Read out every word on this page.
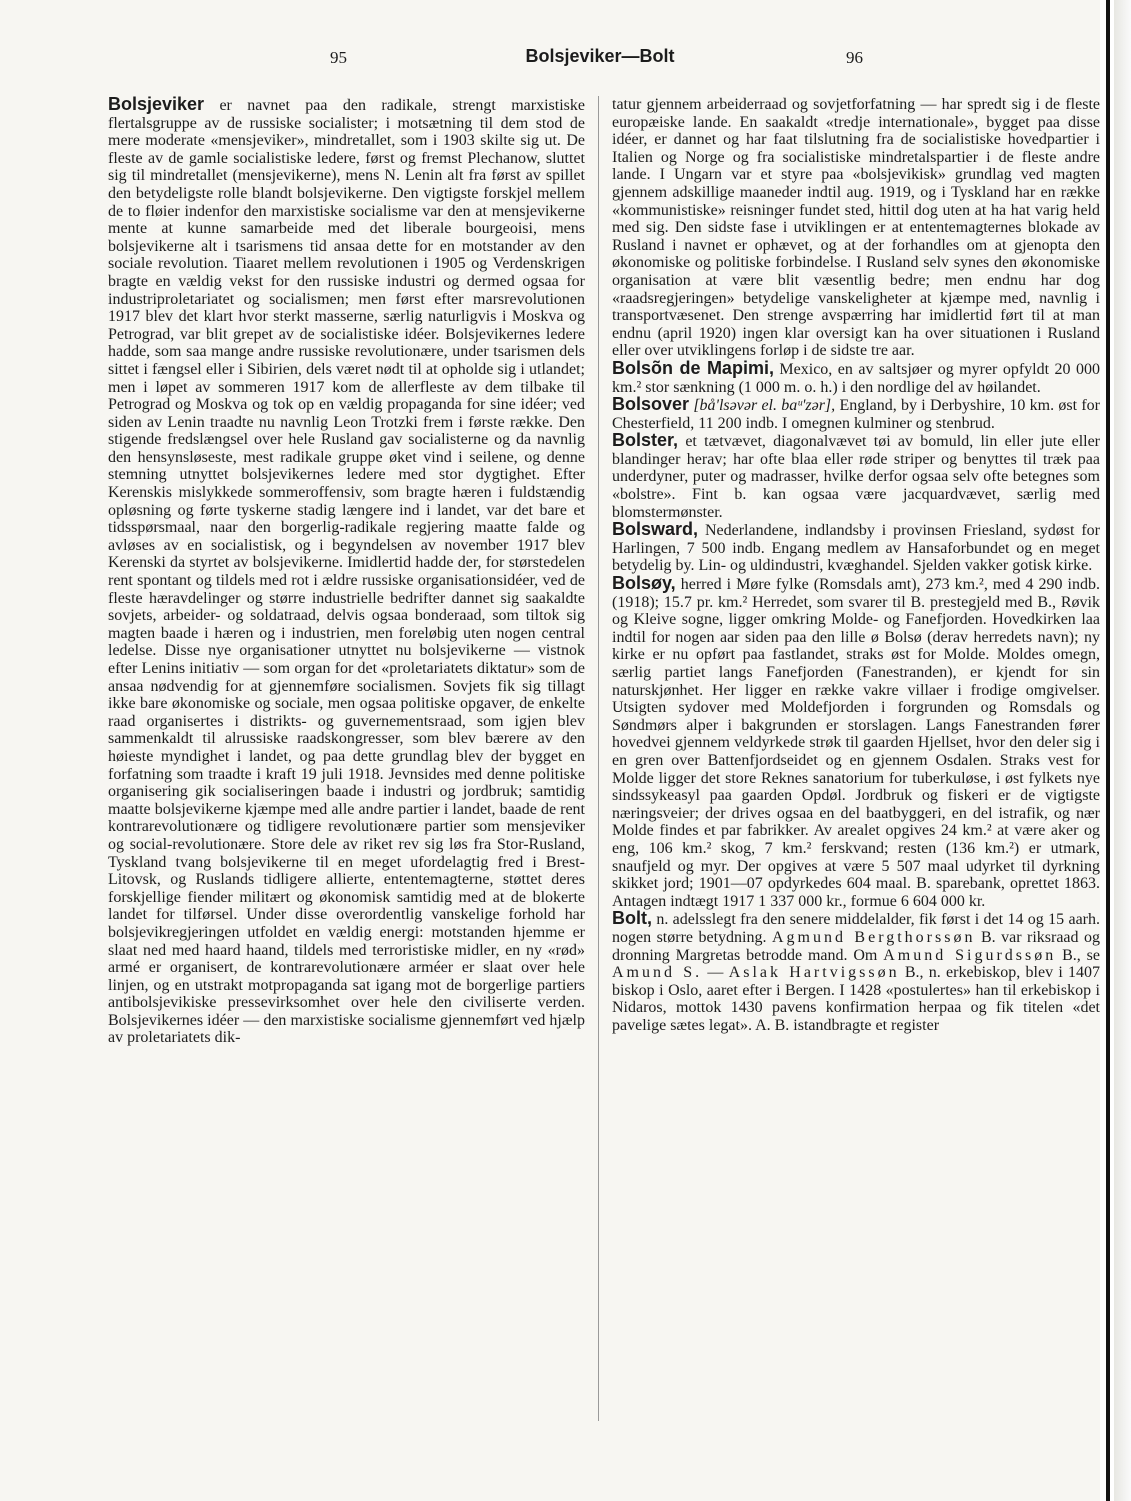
95	Bolsjeviker—Bolt	96

Bolsjeviker er navnet paa den radikale, strengt marxistiske flertalsgruppe av de russiske socialister; i motsætning til dem stod de mere moderate «mensjeviker», mindretallet, som i 1903 skilte sig ut. De fleste av de gamle socialistiske ledere, først og fremst Plechanow, sluttet sig til mindretallet (mensjevikerne), mens N. Lenin alt fra først av spillet den betydeligste rolle blandt bolsjevikerne. Den vigtigste forskjel mellem de to fløier indenfor den marxistiske socialisme var den at mensjevikerne mente at kunne samarbeide med det liberale bourgeoisi, mens bolsjevikerne alt i tsarismens tid ansaa dette for en motstander av den sociale revolution. Tiaaret mellem revolutionen i 1905 og Verdenskrigen bragte en vældig vekst for den russiske industri og dermed ogsaa for industriproletariatet og socialismen; men først efter marsrevolutionen 1917 blev det klart hvor sterkt masserne, særlig naturligvis i Moskva og Petrograd, var blit grepet av de socialistiske idéer. Bolsjevikernes ledere hadde, som saa mange andre russiske revolutionære, under tsarismen dels sittet i fængsel eller i Sibirien, dels været nødt til at opholde sig i utlandet; men i løpet av sommeren 1917 kom de allerfleste av dem tilbake til Petrograd og Moskva og tok op en vældig propaganda for sine idéer; ved siden av Lenin traadte nu navnlig Leon Trotzki frem i første række. Den stigende fredslængsel over hele Rusland gav socialisterne og da navnlig den hensynsløseste, mest radikale gruppe øket vind i seilene, og denne stemning utnyttet bolsjevikernes ledere med stor dygtighet. Efter Kerenskis mislykkede sommeroffensiv, som bragte hæren i fuldstændig opløsning og førte tyskerne stadig længere ind i landet, var det bare et tidsspørsmaal, naar den borgerlig-radikale regjering maatte falde og avløses av en socialistisk, og i begyndelsen av november 1917 blev Kerenski da styrtet av bolsjevikerne. Imidlertid hadde der, for størstedelen rent spontant og tildels med rot i ældre russiske organisationsidéer, ved de fleste hæravdelinger og større industrielle bedrifter dannet sig saakaldte sovjets, arbeider- og soldatraad, delvis ogsaa bonderaad, som tiltok sig magten baade i hæren og i industrien, men foreløbig uten nogen central ledelse. Disse nye organisationer utnyttet nu bolsjevikerne — vistnok efter Lenins initiativ — som organ for det «proletariatets diktatur» som de ansaa nødvendig for at gjennemføre socialismen. Sovjets fik sig tillagt ikke bare økonomiske og sociale, men ogsaa politiske opgaver, de enkelte raad organisertes i distrikts- og guvernementsraad, som igjen blev sammenkaldt til alrussiske raadskongresser, som blev bærere av den høieste myndighet i landet, og paa dette grundlag blev der bygget en forfatning som traadte i kraft 19 juli 1918. Jevnsides med denne politiske organisering gik socialiseringen baade i industri og jordbruk; samtidig maatte bolsjevikerne kjæmpe med alle andre partier i landet, baade de rent kontrarevolutionære og tidligere revolutionære partier som mensjeviker og social-revolutionære. Store dele av riket rev sig løs fra Stor-Rusland, Tyskland tvang bolsjevikerne til en meget ufordelagtig fred i Brest-Litovsk, og Ruslands tidligere allierte, ententemagterne, støttet deres forskjellige fiender militært og økonomisk samtidig med at de blokerte landet for tilførsel. Under disse overordentlig vanskelige forhold har bolsjevikregjeringen utfoldet en vældig energi: motstanden hjemme er slaat ned med haard haand, tildels med terroristiske midler, en ny «rød» armé er organisert, de kontrarevolutionære arméer er slaat over hele linjen, og en utstrakt motpropaganda sat igang mot de borgerlige partiers antibolsjevikiske pressevirksomhet over hele den civiliserte verden. Bolsjevikernes idéer — den marxistiske socialisme gjennemført ved hjælp av proletariatets dik-

tatur gjennem arbeiderraad og sovjetforfatning — har spredt sig i de fleste europæiske lande. En saakaldt «tredje internationale», bygget paa disse idéer, er dannet og har faat tilslutning fra de socialistiske hovedpartier i Italien og Norge og fra socialistiske mindretalspartier i de fleste andre lande. I Ungarn var et styre paa «bolsjevikisk» grundlag ved magten gjennem adskillige maaneder indtil aug. 1919, og i Tyskland har en række «kommunistiske» reisninger fundet sted, hittil dog uten at ha hat varig held med sig. Den sidste fase i utviklingen er at ententemagternes blokade av Rusland i navnet er ophævet, og at der forhandles om at gjenopta den økonomiske og politiske forbindelse. I Rusland selv synes den økonomiske organisation at være blit væsentlig bedre; men endnu har dog «raadsregjeringen» betydelige vanskeligheter at kjæmpe med, navnlig i transportvæsenet. Den strenge avspærring har imidlertid ført til at man endnu (april 1920) ingen klar oversigt kan ha over situationen i Rusland eller over utviklingens forløp i de sidste tre aar.

Bolsõn de Mapimi, Mexico, en av saltsjøer og myrer opfyldt 20 000 km.² stor sænkning (1 000 m. o. h.) i den nordlige del av høilandet.

Bolsover [bå'lsəvər el. baᵘ'zər], England, by i Derbyshire, 10 km. øst for Chesterfield, 11 200 indb. I omegnen kulminer og stenbrud.

Bolster, et tætvævet, diagonalvævet tøi av bomuld, lin eller jute eller blandinger herav; har ofte blaa eller røde striper og benyttes til træk paa underdyner, puter og madrasser, hvilke derfor ogsaa selv ofte betegnes som «bolstre». Fint b. kan ogsaa være jacquardvævet, særlig med blomstermønster.

Bolsward, Nederlandene, indlandsby i provinsen Friesland, sydøst for Harlingen, 7 500 indb. Engang medlem av Hansaforbundet og en meget betydelig by. Lin- og uldindustri, kvæghandel. Sjelden vakker gotisk kirke.

Bolsøy, herred i Møre fylke (Romsdals amt), 273 km.², med 4 290 indb. (1918); 15.7 pr. km.² Herredet, som svarer til B. prestegjeld med B., Røvik og Kleive sogne, ligger omkring Molde- og Fanefjorden. Hovedkirken laa indtil for nogen aar siden paa den lille ø Bolsø (derav herredets navn); ny kirke er nu opført paa fastlandet, straks øst for Molde. Moldes omegn, særlig partiet langs Fanefjorden (Fanestranden), er kjendt for sin naturskjønhet. Her ligger en række vakre villaer i frodige omgivelser. Utsigten sydover med Moldefjorden i forgrunden og Romsdals og Søndmørs alper i bakgrunden er storslagen. Langs Fanestranden fører hovedvei gjennem veldyrkede strøk til gaarden Hjellset, hvor den deler sig i en gren over Battenfjordseidet og en gjennem Osdalen. Straks vest for Molde ligger det store Reknes sanatorium for tuberkuløse, i øst fylkets nye sindssykeasyl paa gaarden Opdøl. Jordbruk og fiskeri er de vigtigste næringsveier; der drives ogsaa en del baatbyggeri, en del istrafik, og nær Molde findes et par fabrikker. Av arealet opgives 24 km.² at være aker og eng, 106 km.² skog, 7 km.² ferskvand; resten (136 km.²) er utmark, snaufjeld og myr. Der opgives at være 5 507 maal udyrket til dyrkning skikket jord; 1901—07 opdyrkedes 604 maal. B. sparebank, oprettet 1863. Antagen indtægt 1917 1 337 000 kr., formue 6 604 000 kr.

Bolt, n. adelsslegt fra den senere middelalder, fik først i det 14 og 15 aarh. nogen større betydning. Agmund Bergthorssøn B. var riksraad og dronning Margretas betrodde mand. Om Amund Sigurdssøn B., se Amund S. — Aslak Hartvigssøn B., n. erkebiskop, blev i 1407 biskop i Oslo, aaret efter i Bergen. I 1428 «postulertes» han til erkebiskop i Nidaros, mottok 1430 pavens konfirmation herpaa og fik titelen «det pavelige sætes legat». A. B. istandbragte et register
